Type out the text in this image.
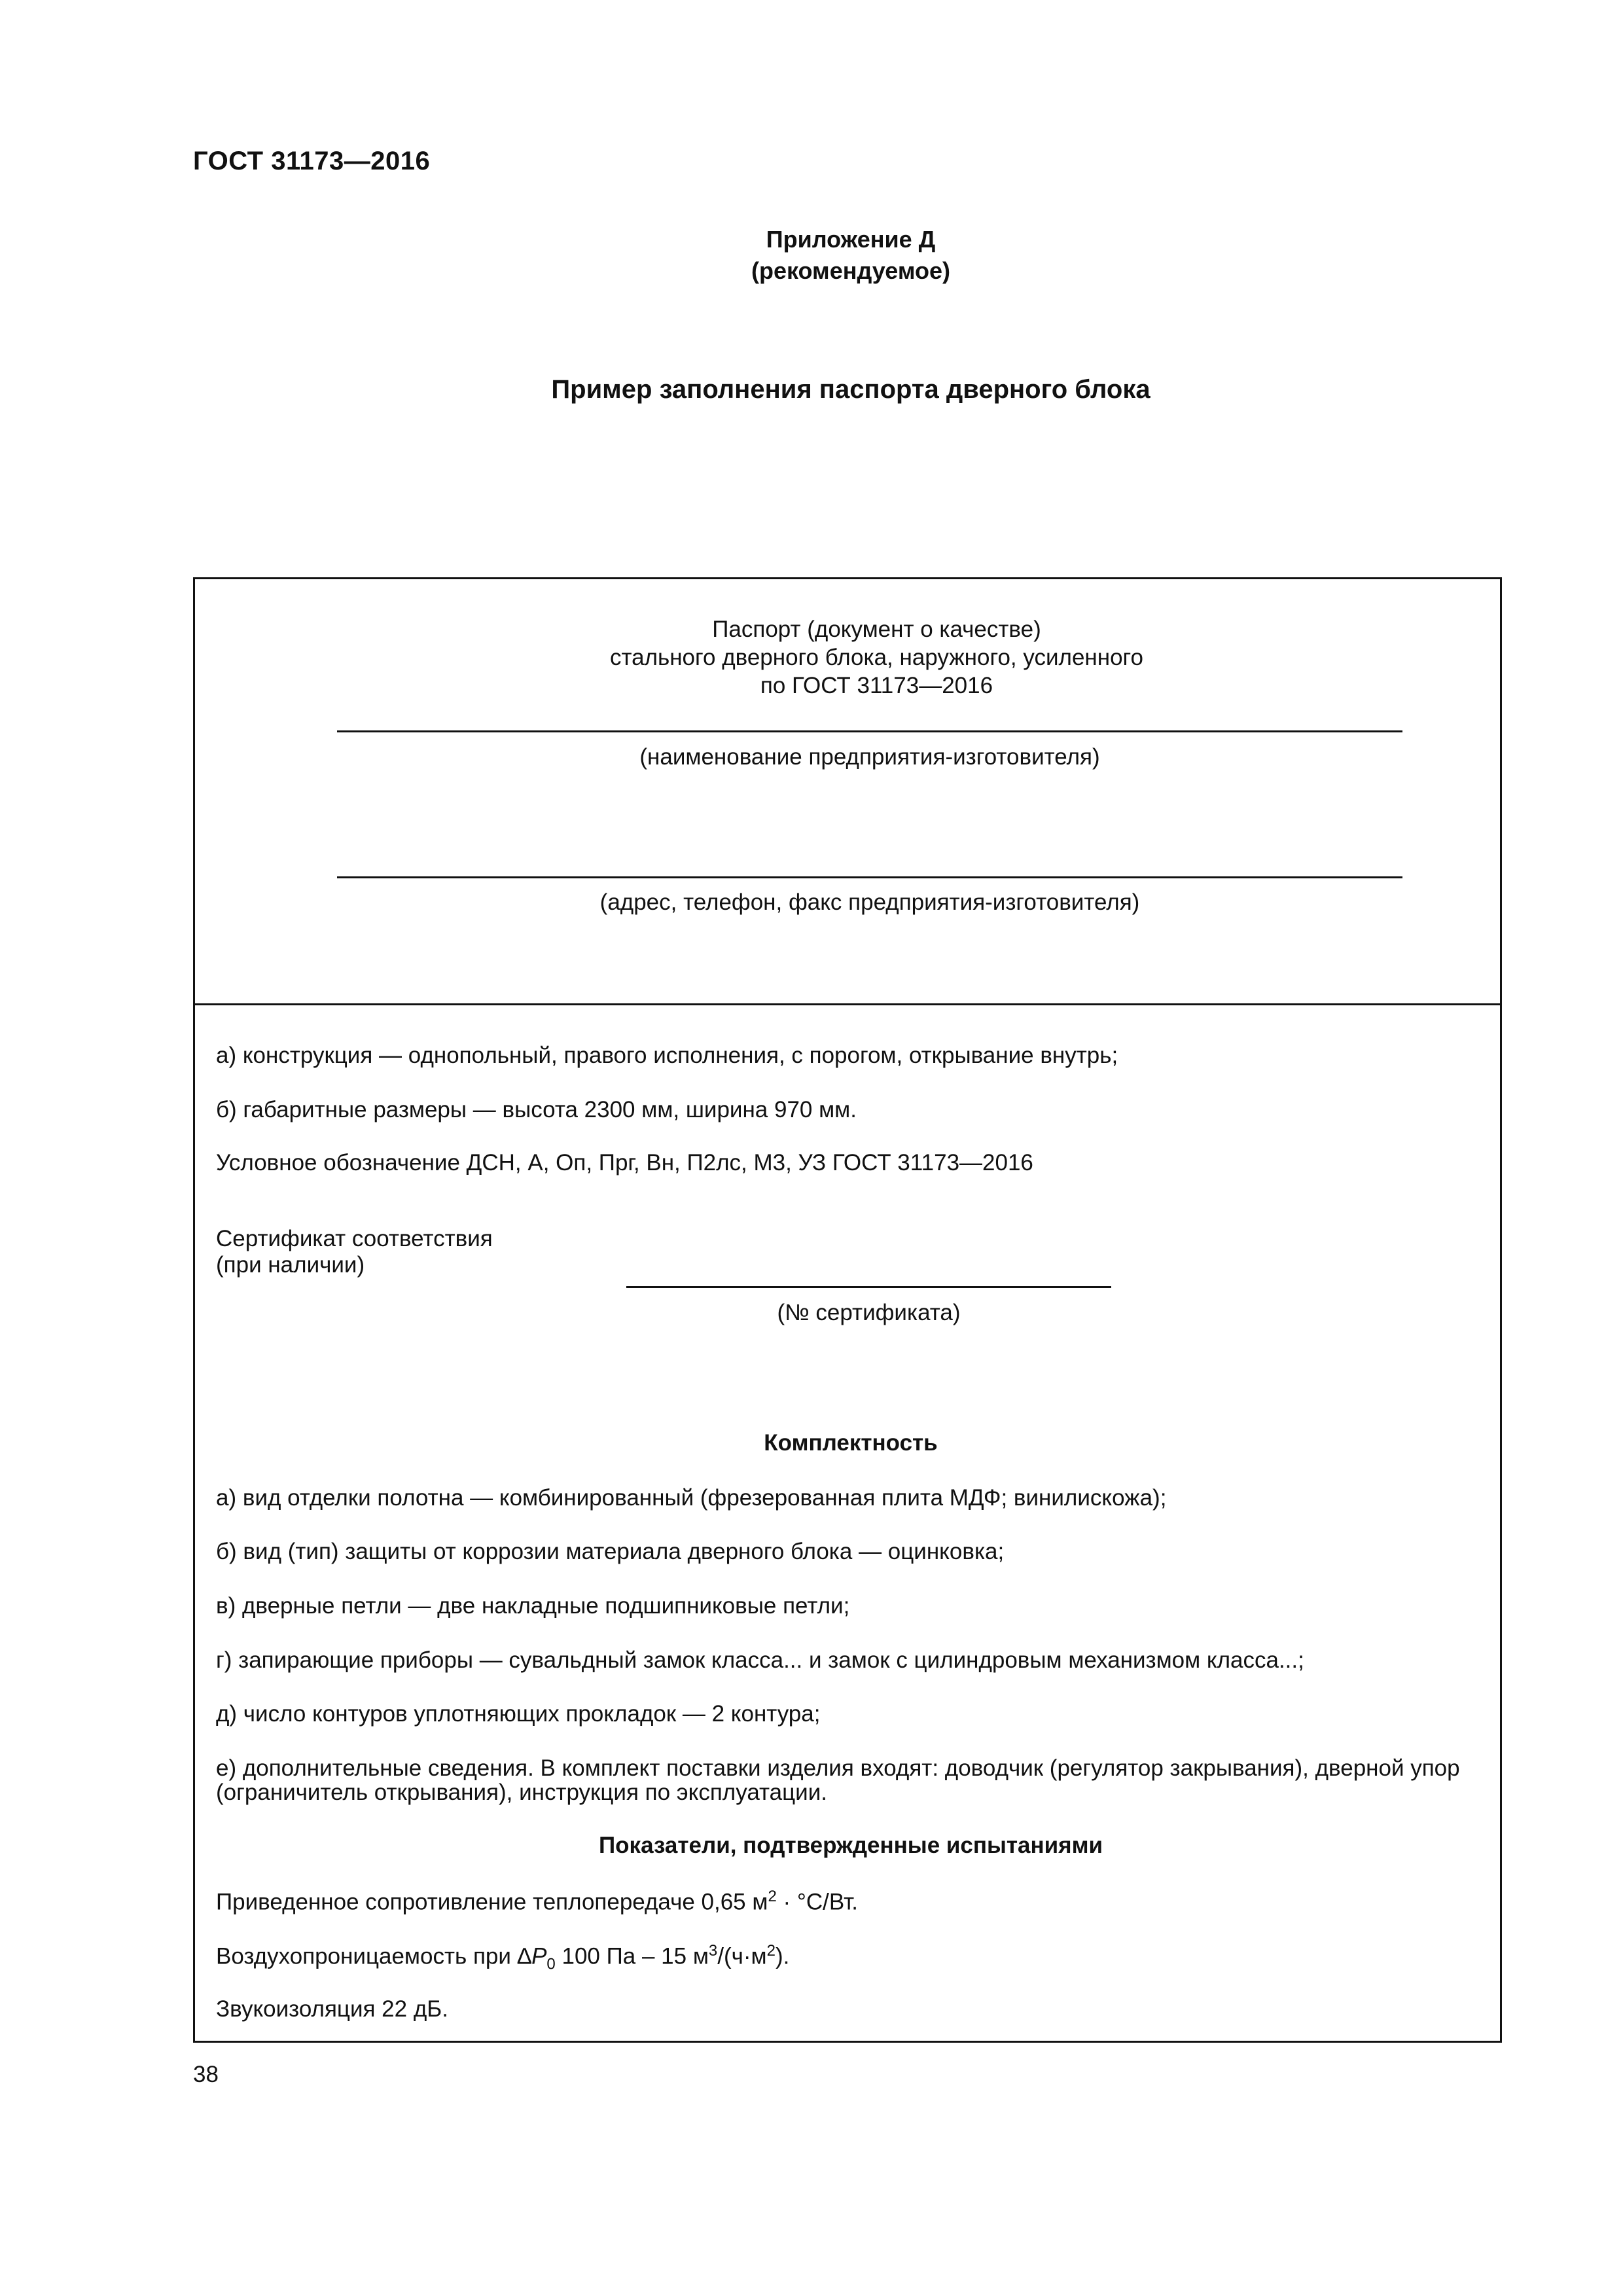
ГОСТ 31173—2016
Приложение Д
(рекомендуемое)
Пример заполнения паспорта дверного блока
Паспорт (документ о качестве)
стального дверного блока, наружного, усиленного
по ГОСТ 31173—2016
(наименование предприятия-изготовителя)
(адрес, телефон, факс предприятия-изготовителя)
а) конструкция — однопольный, правого исполнения, с порогом, открывание внутрь;
б) габаритные размеры — высота 2300 мм, ширина 970 мм.
Условное обозначение ДСН, А, Оп, Прг, Вн, П2лс, М3, УЗ ГОСТ 31173—2016
Сертификат соответствия
(при наличии)
(№ сертификата)
Комплектность
а) вид отделки полотна — комбинированный (фрезерованная плита МДФ; винилискожа);
б) вид (тип) защиты от коррозии материала дверного блока — оцинковка;
в) дверные петли — две накладные подшипниковые петли;
г) запирающие приборы — сувальдный замок класса... и замок с цилиндровым механизмом класса...;
д) число контуров уплотняющих прокладок — 2 контура;
е) дополнительные сведения. В комплект поставки изделия входят: доводчик (регулятор закрывания), дверной упор (ограничитель открывания), инструкция по эксплуатации.
Показатели, подтвержденные испытаниями
Приведенное сопротивление теплопередаче 0,65 $м^2 \cdot ^\circ С/Вт$.
Воздухопроницаемость при $\Delta P_0$ 100 Па – 15 $м^3/(ч\cdot м^2)$.
Звукоизоляция 22 дБ.
38
